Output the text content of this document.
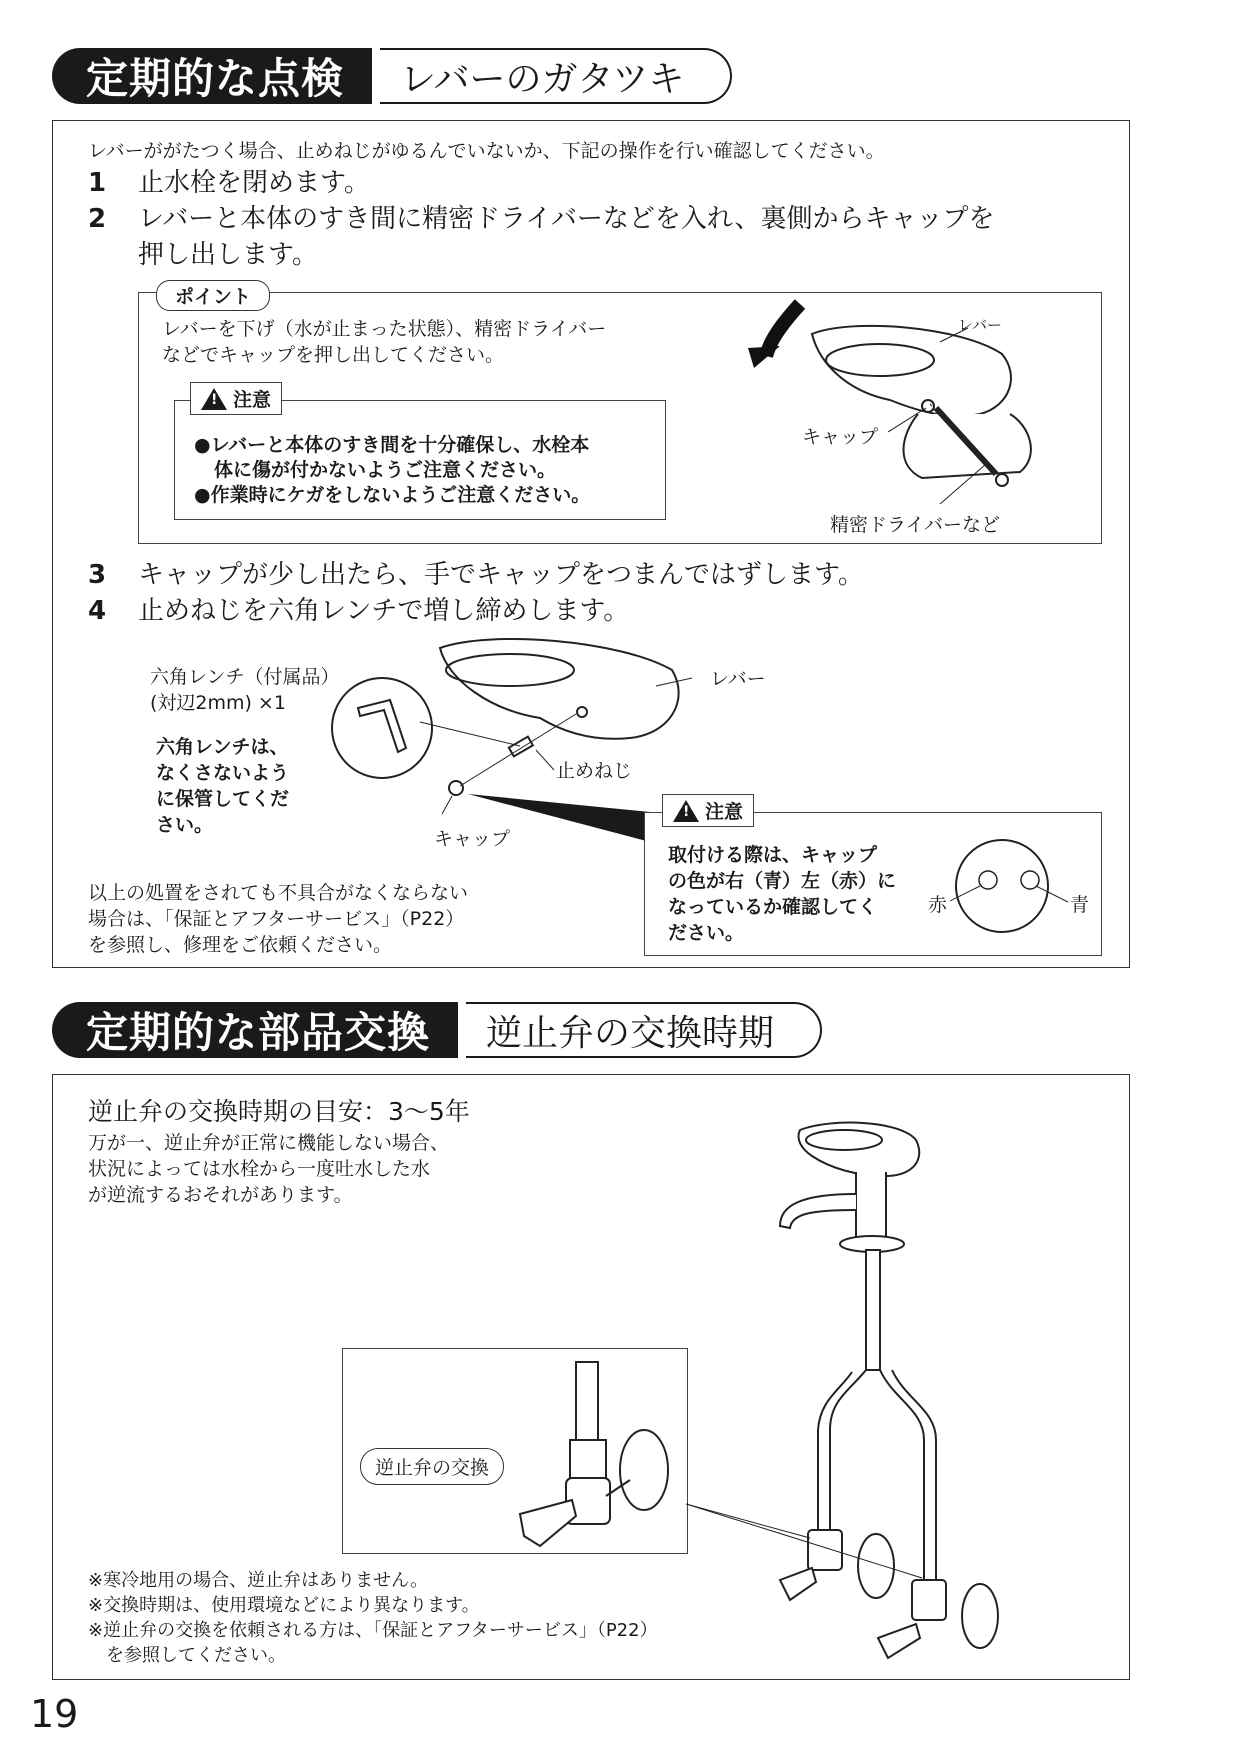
定期的な点検	レバーのガタツキ
レバーががたつく場合、止めねじがゆるんでいないか、下記の操作を行い確認してください。
1	止水栓を閉めます。
2	レバーと本体のすき間に精密ドライバーなどを入れ、裏側からキャップを
押し出します。
ポイント
レバーを下げ（水が止まった状態）、精密ドライバー
などでキャップを押し出してください。
!
注意
●レバーと本体のすき間を十分確保し、水栓本
体に傷が付かないようご注意ください。
●作業時にケガをしないようご注意ください。
レバー
キャップ
精密ドライバーなど
3	キャップが少し出たら、手でキャップをつまんではずします。
4	止めねじを六角レンチで増し締めします。
六角レンチ（付属品）
(対辺2mm) ×1
六角レンチは、
なくさないよう
に保管してくだ
さい。
レバー
止めねじ
キャップ
以上の処置をされても不具合がなくならない
場合は、「保証とアフターサービス」（P22）
を参照し、修理をご依頼ください。
!
注意
取付ける際は、キャップ
の色が右（青）左（赤）に
なっているか確認してく
ださい。
赤	青
定期的な部品交換	逆止弁の交換時期
逆止弁の交換時期の目安：3〜5年
万が一、逆止弁が正常に機能しない場合、
状況によっては水栓から一度吐水した水
が逆流するおそれがあります。
逆止弁の交換
※寒冷地用の場合、逆止弁はありません。
※交換時期は、使用環境などにより異なります。
※逆止弁の交換を依頼される方は、「保証とアフターサービス」（P22）
　を参照してください。
19
